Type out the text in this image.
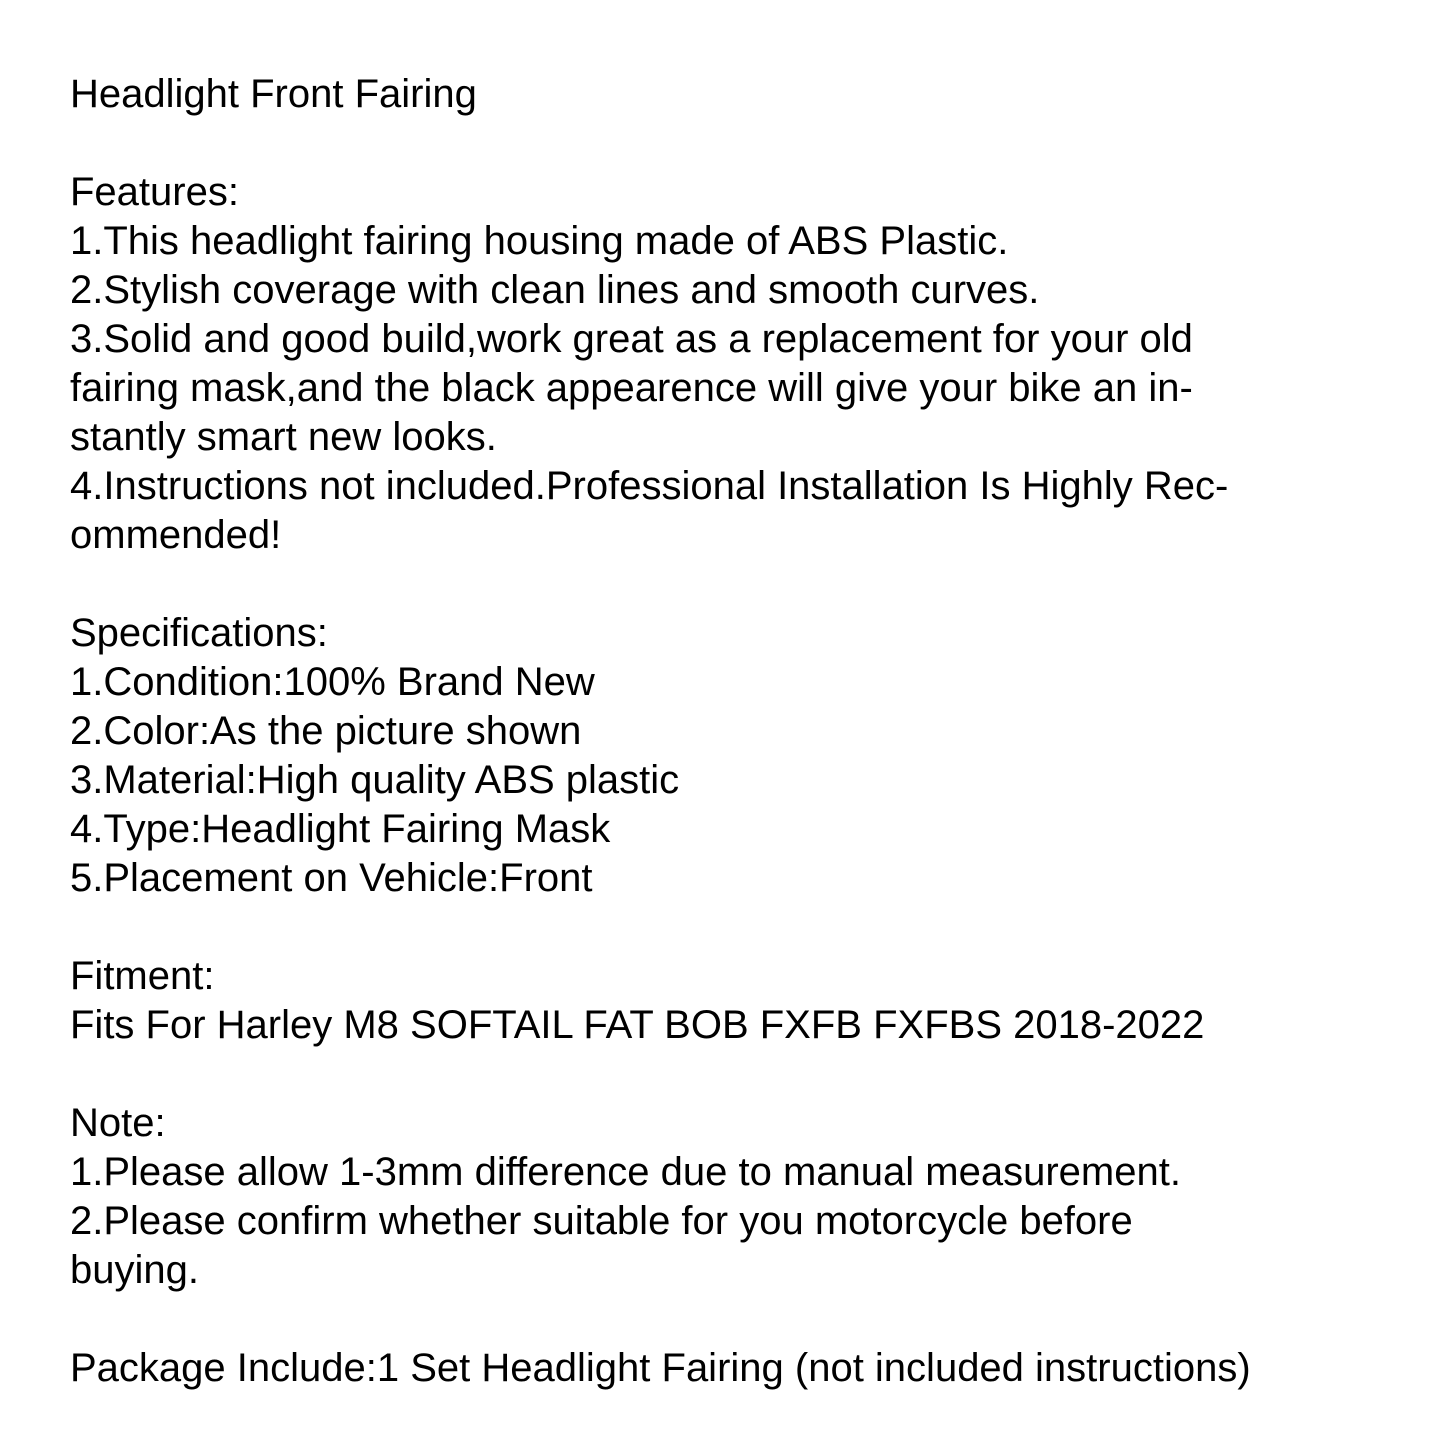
Headlight Front Fairing
Features:
1.This headlight fairing housing made of ABS Plastic.
2.Stylish coverage with clean lines and smooth curves.
3.Solid and good build,work great as a replacement for your old
fairing mask,and the black appearence will give your bike an in-
stantly smart new looks.
4.Instructions not included.Professional Installation Is Highly Rec-
ommended!
Specifications:
1.Condition:100% Brand New
2.Color:As the picture shown
3.Material:High quality ABS plastic
4.Type:Headlight Fairing Mask
5.Placement on Vehicle:Front
Fitment:
Fits For Harley M8 SOFTAIL FAT BOB FXFB FXFBS 2018-2022
Note:
1.Please allow 1-3mm difference due to manual measurement.
2.Please confirm whether suitable for you motorcycle before
buying.
Package Include:1 Set Headlight Fairing (not included instructions)
